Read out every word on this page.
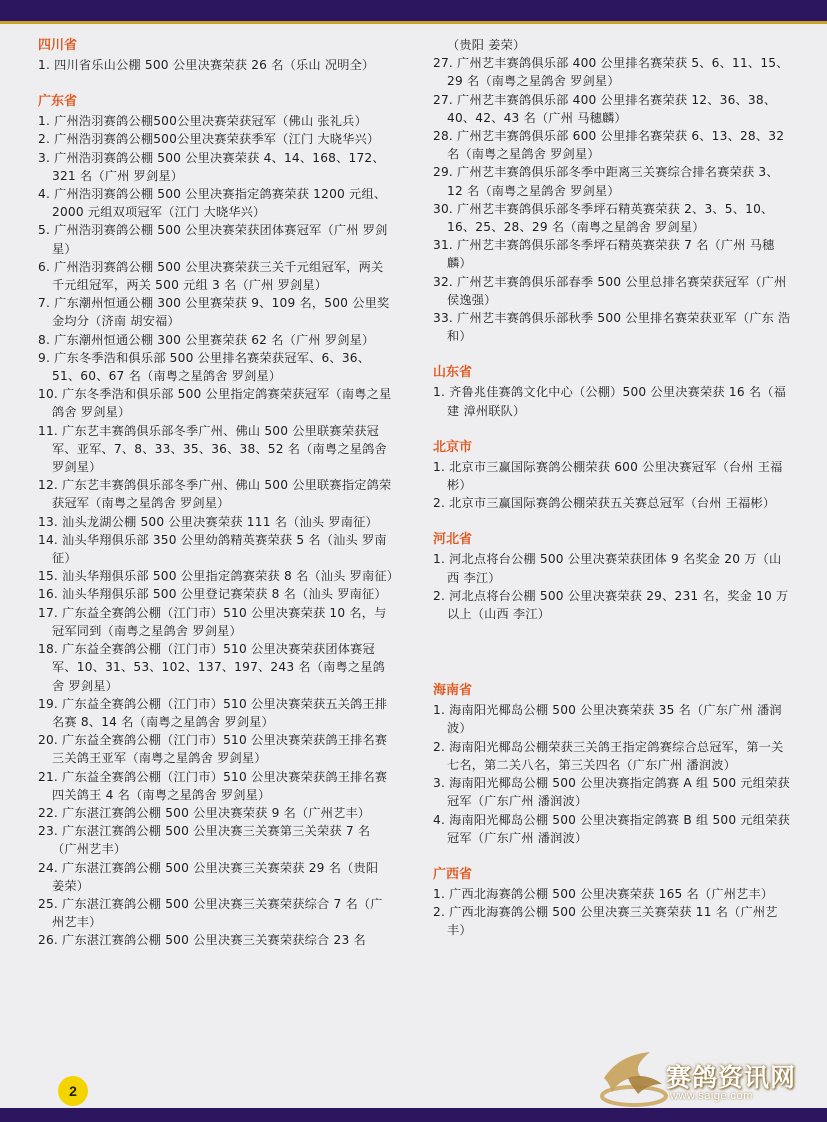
四川省
1. 四川省乐山公棚 500 公里决赛荣获 26 名（乐山 况明全）
广东省
1. 广州浩羽赛鸽公棚500公里决赛荣获冠军（佛山 张礼兵）
2. 广州浩羽赛鸽公棚500公里决赛荣获季军（江门 大晓华兴）
3. 广州浩羽赛鸽公棚 500 公里决赛荣获 4、14、168、172、321 名（广州 罗剑星）
4. 广州浩羽赛鸽公棚 500 公里决赛指定鸽赛荣获 1200 元组、2000 元组双项冠军（江门 大晓华兴）
5. 广州浩羽赛鸽公棚 500 公里决赛荣获团体赛冠军（广州 罗剑星）
6. 广州浩羽赛鸽公棚 500 公里决赛荣获三关千元组冠军，两关千元组冠军，两关 500 元组 3 名（广州 罗剑星）
7. 广东潮州恒通公棚 300 公里赛荣获 9、109 名，500 公里奖金均分（济南 胡安福）
8. 广东潮州恒通公棚 300 公里赛荣获 62 名（广州 罗剑星）
9. 广东冬季浩和俱乐部 500 公里排名赛荣获冠军、6、36、51、60、67 名（南粤之星鸽舍 罗剑星）
10. 广东冬季浩和俱乐部 500 公里指定鸽赛荣获冠军（南粤之星鸽舍 罗剑星）
11. 广东艺丰赛鸽俱乐部冬季广州、佛山 500 公里联赛荣获冠军、亚军、7、8、33、35、36、38、52 名（南粤之星鸽舍 罗剑星）
12. 广东艺丰赛鸽俱乐部冬季广州、佛山 500 公里联赛指定鸽荣获冠军（南粤之星鸽舍 罗剑星）
13. 汕头龙湖公棚 500 公里决赛荣获 111 名（汕头 罗南征）
14. 汕头华翔俱乐部 350 公里幼鸽精英赛荣获 5 名（汕头 罗南征）
15. 汕头华翔俱乐部 500 公里指定鸽赛荣获 8 名（汕头 罗南征）
16. 汕头华翔俱乐部 500 公里登记赛荣获 8 名（汕头 罗南征）
17. 广东益全赛鸽公棚（江门市）510 公里决赛荣获 10 名，与冠军同到（南粤之星鸽舍 罗剑星）
18. 广东益全赛鸽公棚（江门市）510 公里决赛荣获团体赛冠军、10、31、53、102、137、197、243 名（南粤之星鸽舍 罗剑星）
19. 广东益全赛鸽公棚（江门市）510 公里决赛荣获五关鸽王排名赛 8、14 名（南粤之星鸽舍 罗剑星）
20. 广东益全赛鸽公棚（江门市）510 公里决赛荣获鸽王排名赛三关鸽王亚军（南粤之星鸽舍 罗剑星）
21. 广东益全赛鸽公棚（江门市）510 公里决赛荣获鸽王排名赛四关鸽王 4 名（南粤之星鸽舍 罗剑星）
22. 广东湛江赛鸽公棚 500 公里决赛荣获 9 名（广州艺丰）
23. 广东湛江赛鸽公棚 500 公里决赛三关赛第三关荣获 7 名（广州艺丰）
24. 广东湛江赛鸽公棚 500 公里决赛三关赛荣获 29 名（贵阳 姜荣）
25. 广东湛江赛鸽公棚 500 公里决赛三关赛荣获综合 7 名（广州艺丰）
26. 广东湛江赛鸽公棚 500 公里决赛三关赛荣获综合 23 名
（贵阳 姜荣）
27. 广州艺丰赛鸽俱乐部 400 公里排名赛荣获 5、6、11、15、29 名（南粤之星鸽舍 罗剑星）
27. 广州艺丰赛鸽俱乐部 400 公里排名赛荣获 12、36、38、40、42、43 名（广州 马穗麟）
28. 广州艺丰赛鸽俱乐部 600 公里排名赛荣获 6、13、28、32 名（南粤之星鸽舍 罗剑星）
29. 广州艺丰赛鸽俱乐部冬季中距离三关赛综合排名赛荣获 3、12 名（南粤之星鸽舍 罗剑星）
30. 广州艺丰赛鸽俱乐部冬季坪石精英赛荣获 2、3、5、10、16、25、28、29 名（南粤之星鸽舍 罗剑星）
31. 广州艺丰赛鸽俱乐部冬季坪石精英赛荣获 7 名（广州 马穗麟）
32. 广州艺丰赛鸽俱乐部春季 500 公里总排名赛荣获冠军（广州 侯逸强）
33. 广州艺丰赛鸽俱乐部秋季 500 公里排名赛荣获亚军（广东 浩和）
山东省
1. 齐鲁兆佳赛鸽文化中心（公棚）500 公里决赛荣获 16 名（福建 漳州联队）
北京市
1. 北京市三赢国际赛鸽公棚荣获 600 公里决赛冠军（台州 王福彬）
2. 北京市三赢国际赛鸽公棚荣获五关赛总冠军（台州 王福彬）
河北省
1. 河北点将台公棚 500 公里决赛荣获团体 9 名奖金 20 万（山西 李江）
2. 河北点将台公棚 500 公里决赛荣获 29、231 名，奖金 10 万以上（山西 李江）
海南省
1. 海南阳光椰岛公棚 500 公里决赛荣获 35 名（广东广州 潘润波）
2. 海南阳光椰岛公棚荣获三关鸽王指定鸽赛综合总冠军，第一关七名，第二关八名，第三关四名（广东广州 潘润波）
3. 海南阳光椰岛公棚 500 公里决赛指定鸽赛 A 组 500 元组荣获冠军（广东广州 潘润波）
4. 海南阳光椰岛公棚 500 公里决赛指定鸽赛 B 组 500 元组荣获冠军（广东广州 潘润波）
广西省
1. 广西北海赛鸽公棚 500 公里决赛荣获 165 名（广州艺丰）
2. 广西北海赛鸽公棚 500 公里决赛三关赛荣获 11 名（广州艺丰）
2	赛鸽资讯网
www.saige.com
